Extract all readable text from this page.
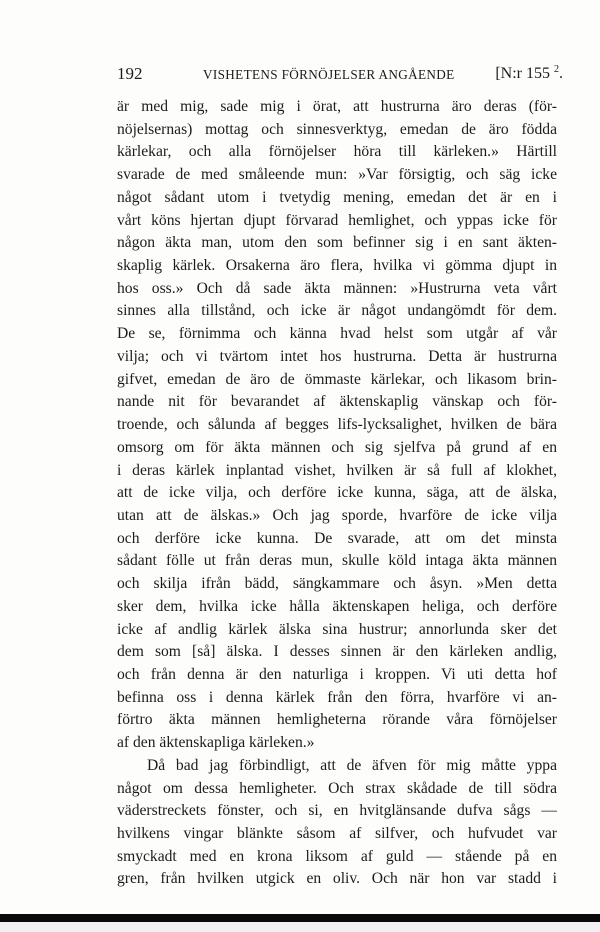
192	VISHETENS FÖRNÖJELSER ANGÅENDE	[N:r 155 $^2$.
är med mig, sade mig i örat, att hustrurna äro deras (för-
nöjelsernas) mottag och sinnesverktyg, emedan de äro födda
kärlekar, och alla förnöjelser höra till kärleken.» Härtill
svarade de med småleende mun: »Var försigtig, och säg icke
något sådant utom i tvetydig mening, emedan det är en i
vårt köns hjertan djupt förvarad hemlighet, och yppas icke för
någon äkta man, utom den som befinner sig i en sant äkten-
skaplig kärlek. Orsakerna äro flera, hvilka vi gömma djupt in
hos oss.» Och då sade äkta männen: »Hustrurna veta vårt
sinnes alla tillstånd, och icke är något undangömdt för dem.
De se, förnimma och känna hvad helst som utgår af vår
vilja; och vi tvärtom intet hos hustrurna. Detta är hustrurna
gifvet, emedan de äro de ömmaste kärlekar, och likasom brin-
nande nit för bevarandet af äktenskaplig vänskap och för-
troende, och sålunda af begges lifs-lycksalighet, hvilken de bära
omsorg om för äkta männen och sig sjelfva på grund af en
i deras kärlek inplantad vishet, hvilken är så full af klokhet,
att de icke vilja, och derföre icke kunna, säga, att de älska,
utan att de älskas.» Och jag sporde, hvarföre de icke vilja
och derföre icke kunna. De svarade, att om det minsta
sådant fölle ut från deras mun, skulle köld intaga äkta männen
och skilja ifrån bädd, sängkammare och åsyn. »Men detta
sker dem, hvilka icke hålla äktenskapen heliga, och derföre
icke af andlig kärlek älska sina hustrur; annorlunda sker det
dem som [så] älska. I desses sinnen är den kärleken andlig,
och från denna är den naturliga i kroppen. Vi uti detta hof
befinna oss i denna kärlek från den förra, hvarföre vi an-
förtro äkta männen hemligheterna rörande våra förnöjelser
af den äktenskapliga kärleken.»
Då bad jag förbindligt, att de äfven för mig måtte yppa
något om dessa hemligheter. Och strax skådade de till södra
väderstreckets fönster, och si, en hvitglänsande dufva sågs —
hvilkens vingar blänkte såsom af silfver, och hufvudet var
smyckadt med en krona liksom af guld — stående på en
gren, från hvilken utgick en oliv. Och när hon var stadd i
